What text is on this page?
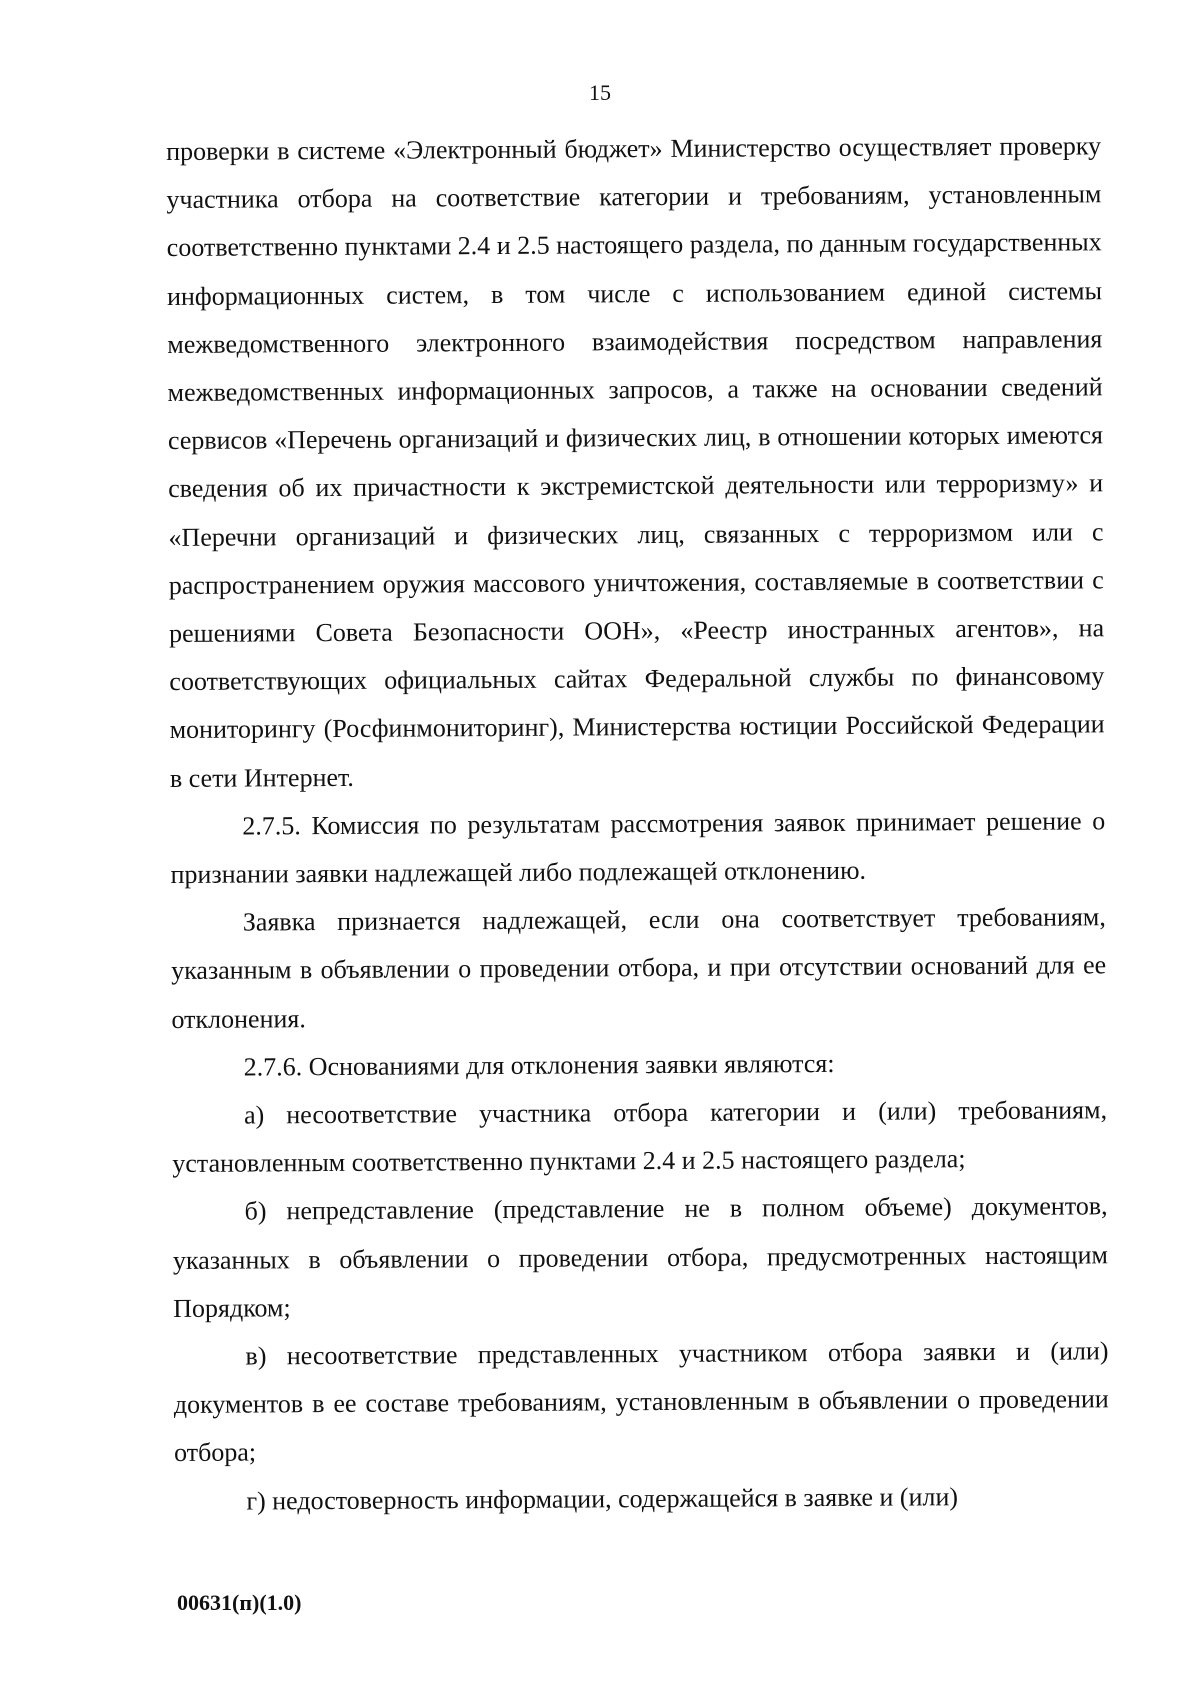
15

проверки в системе «Электронный бюджет» Министерство осуществляет проверку участника отбора на соответствие категории и требованиям, установленным соответственно пунктами 2.4 и 2.5 настоящего раздела, по данным государственных информационных систем, в том числе с использованием единой системы межведомственного электронного взаимодействия посредством направления межведомственных информационных запросов, а также на основании сведений сервисов «Перечень организаций и физических лиц, в отношении которых имеются сведения об их причастности к экстремистской деятельности или терроризму» и «Перечни организаций и физических лиц, связанных с терроризмом или с распространением оружия массового уничтожения, составляемые в соответствии с решениями Совета Безопасности ООН», «Реестр иностранных агентов», на соответствующих официальных сайтах Федеральной службы по финансовому мониторингу (Росфинмониторинг), Министерства юстиции Российской Федерации в сети Интернет.

2.7.5. Комиссия по результатам рассмотрения заявок принимает решение о признании заявки надлежащей либо подлежащей отклонению.

Заявка признается надлежащей, если она соответствует требованиям, указанным в объявлении о проведении отбора, и при отсутствии оснований для ее отклонения.

2.7.6. Основаниями для отклонения заявки являются:

а) несоответствие участника отбора категории и (или) требованиям, установленным соответственно пунктами 2.4 и 2.5 настоящего раздела;

б) непредставление (представление не в полном объеме) документов, указанных в объявлении о проведении отбора, предусмотренных настоящим Порядком;

в) несоответствие представленных участником отбора заявки и (или) документов в ее составе требованиям, установленным в объявлении о проведении отбора;

г) недостоверность информации, содержащейся в заявке и (или)

00631(п)(1.0)
